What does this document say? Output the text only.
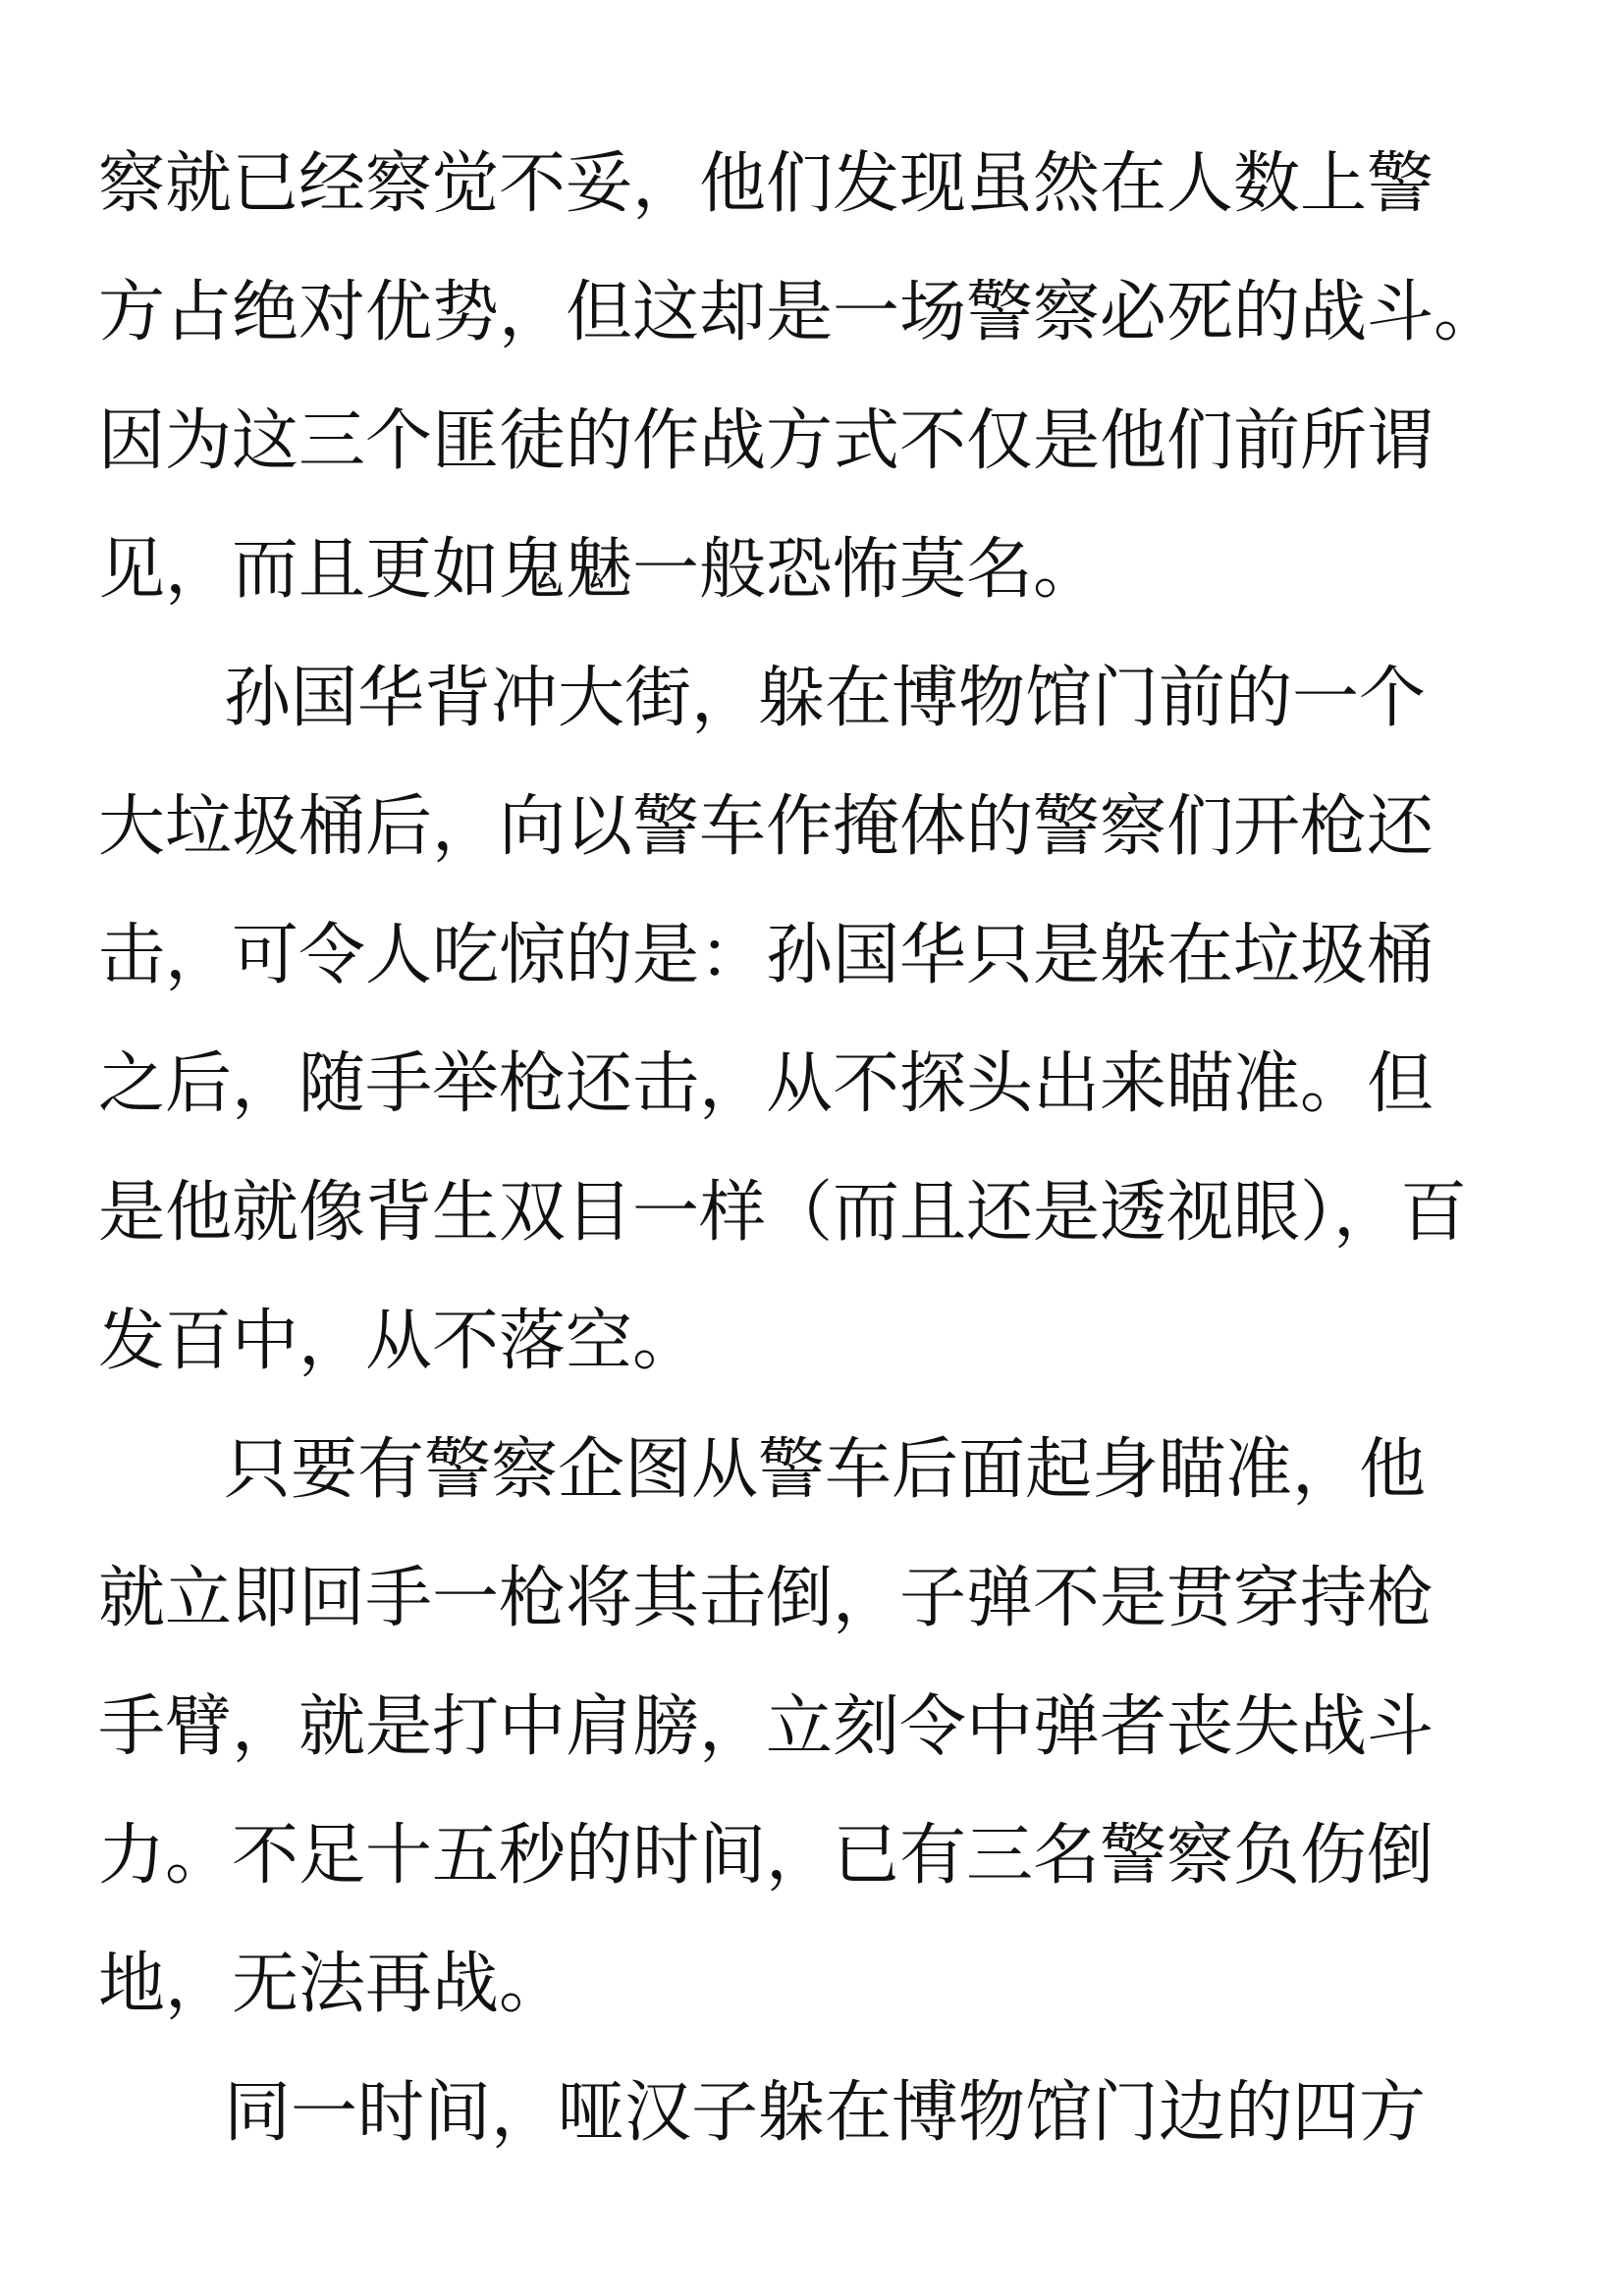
察就已经察觉不妥，他们发现虽然在人数上警
方占绝对优势，但这却是一场警察必死的战斗。
因为这三个匪徒的作战方式不仅是他们前所谓
见，而且更如鬼魅一般恐怖莫名。
孙国华背冲大街，躲在博物馆门前的一个
大垃圾桶后，向以警车作掩体的警察们开枪还
击，可令人吃惊的是：孙国华只是躲在垃圾桶
之后，随手举枪还击，从不探头出来瞄准。但
是他就像背生双目一样（而且还是透视眼），百
发百中，从不落空。
只要有警察企图从警车后面起身瞄准，他
就立即回手一枪将其击倒，子弹不是贯穿持枪
手臂，就是打中肩膀，立刻令中弹者丧失战斗
力。不足十五秒的时间，已有三名警察负伤倒
地，无法再战。
同一时间，哑汉子躲在博物馆门边的四方
